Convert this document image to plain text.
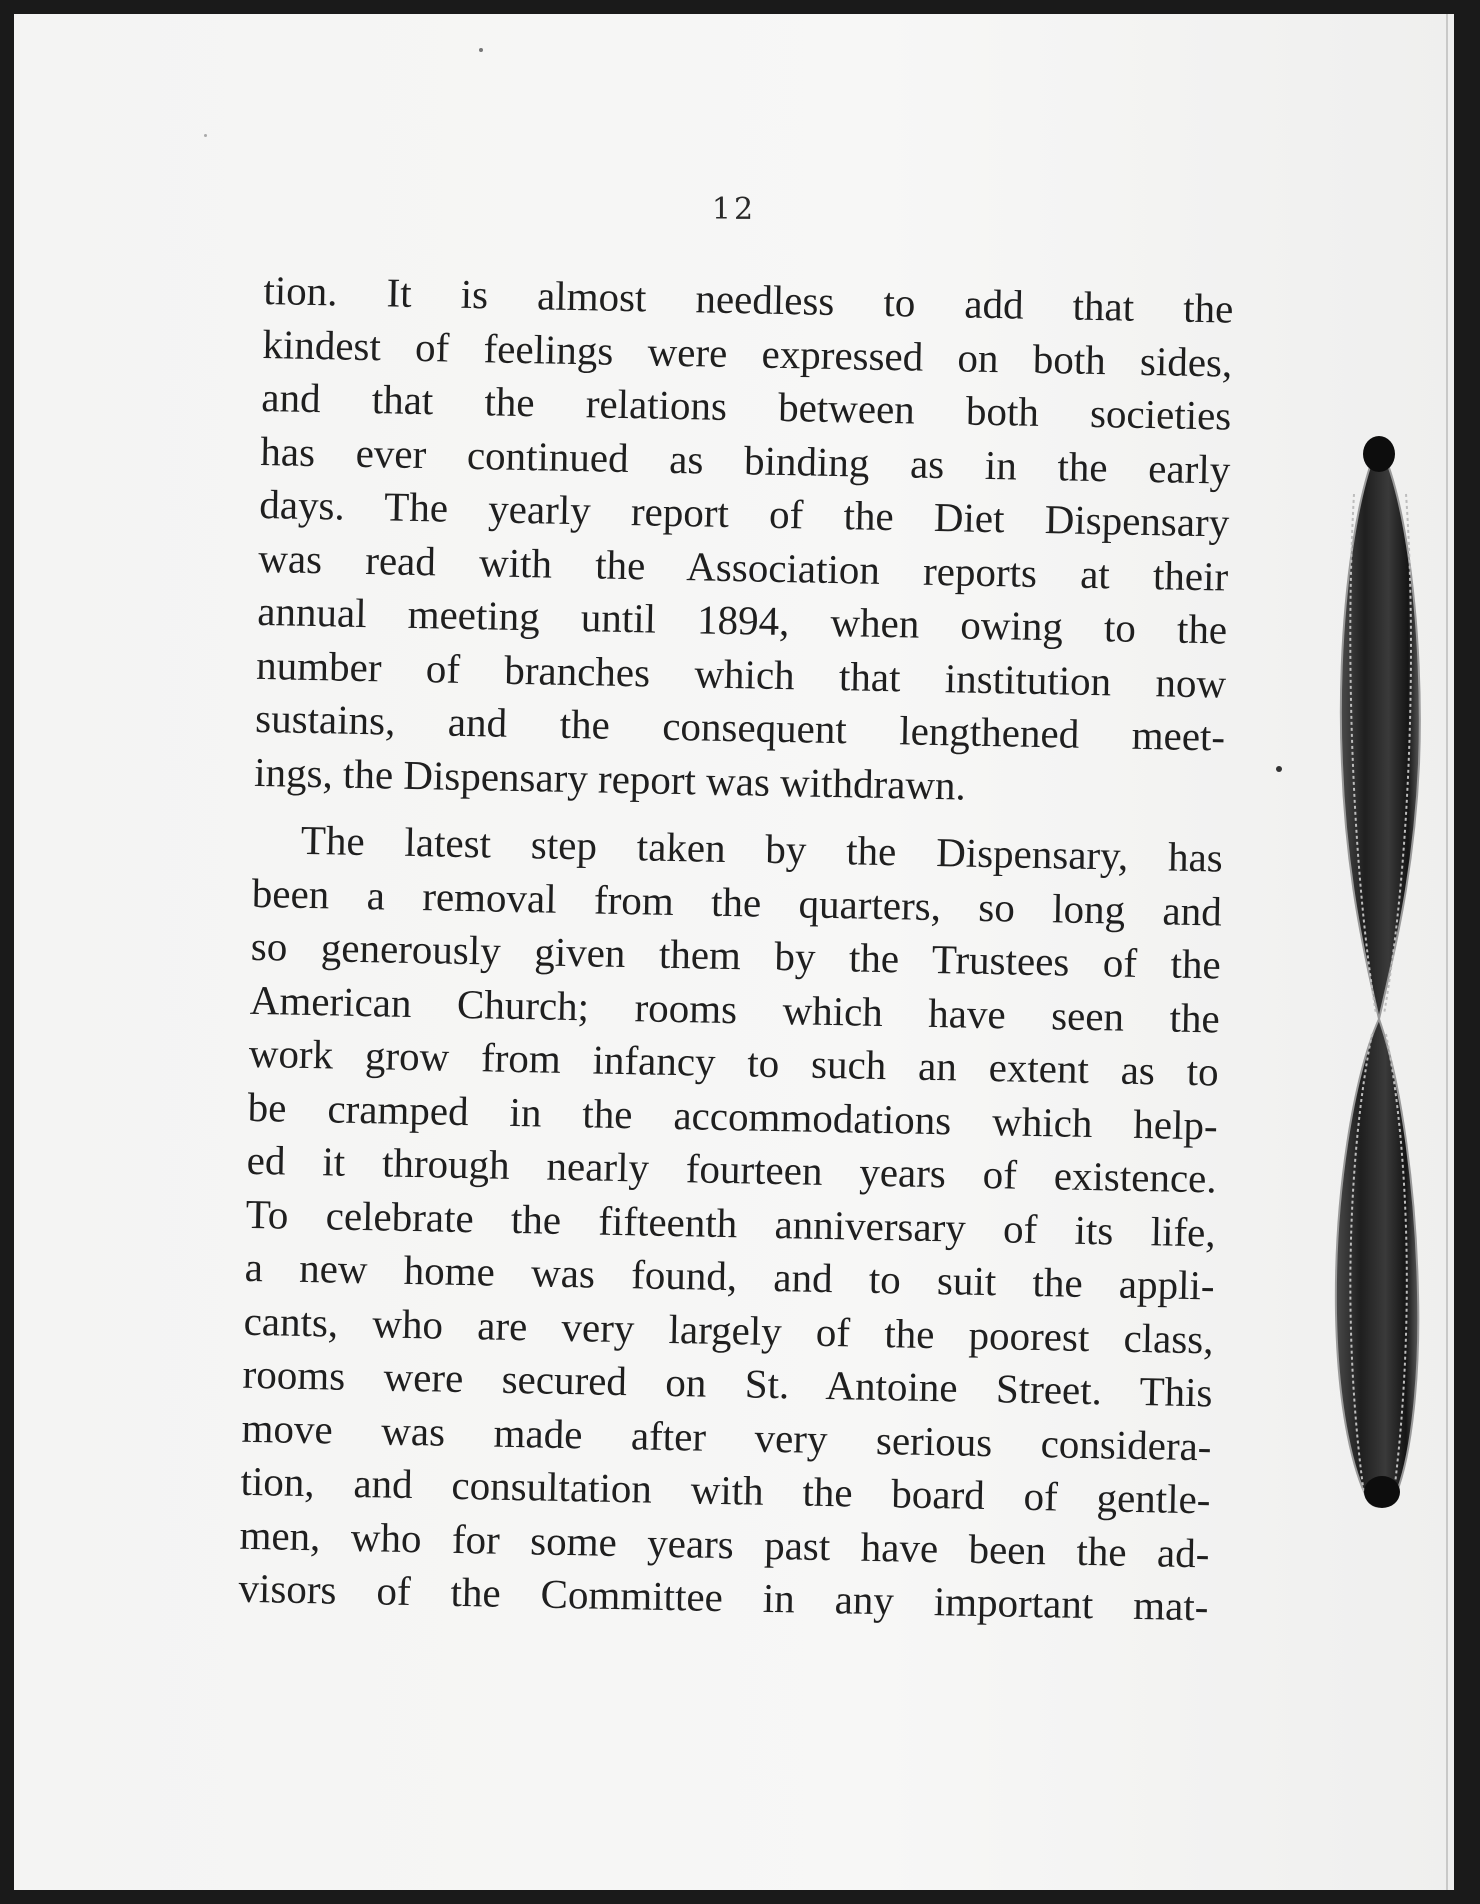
12

tion. It is almost needless to add that the
kindest of feelings were expressed on both sides,
and that the relations between both societies
has ever continued as binding as in the early
days. The yearly report of the Diet Dispensary
was read with the Association reports at their
annual meeting until 1894, when owing to the
number of branches which that institution now
sustains, and the consequent lengthened meet-
ings, the Dispensary report was withdrawn.

The latest step taken by the Dispensary, has
been a removal from the quarters, so long and
so generously given them by the Trustees of the
American Church; rooms which have seen the
work grow from infancy to such an extent as to
be cramped in the accommodations which help-
ed it through nearly fourteen years of existence.
To celebrate the fifteenth anniversary of its life,
a new home was found, and to suit the appli-
cants, who are very largely of the poorest class,
rooms were secured on St. Antoine Street. This
move was made after very serious considera-
tion, and consultation with the board of gentle-
men, who for some years past have been the ad-
visors of the Committee in any important mat-
